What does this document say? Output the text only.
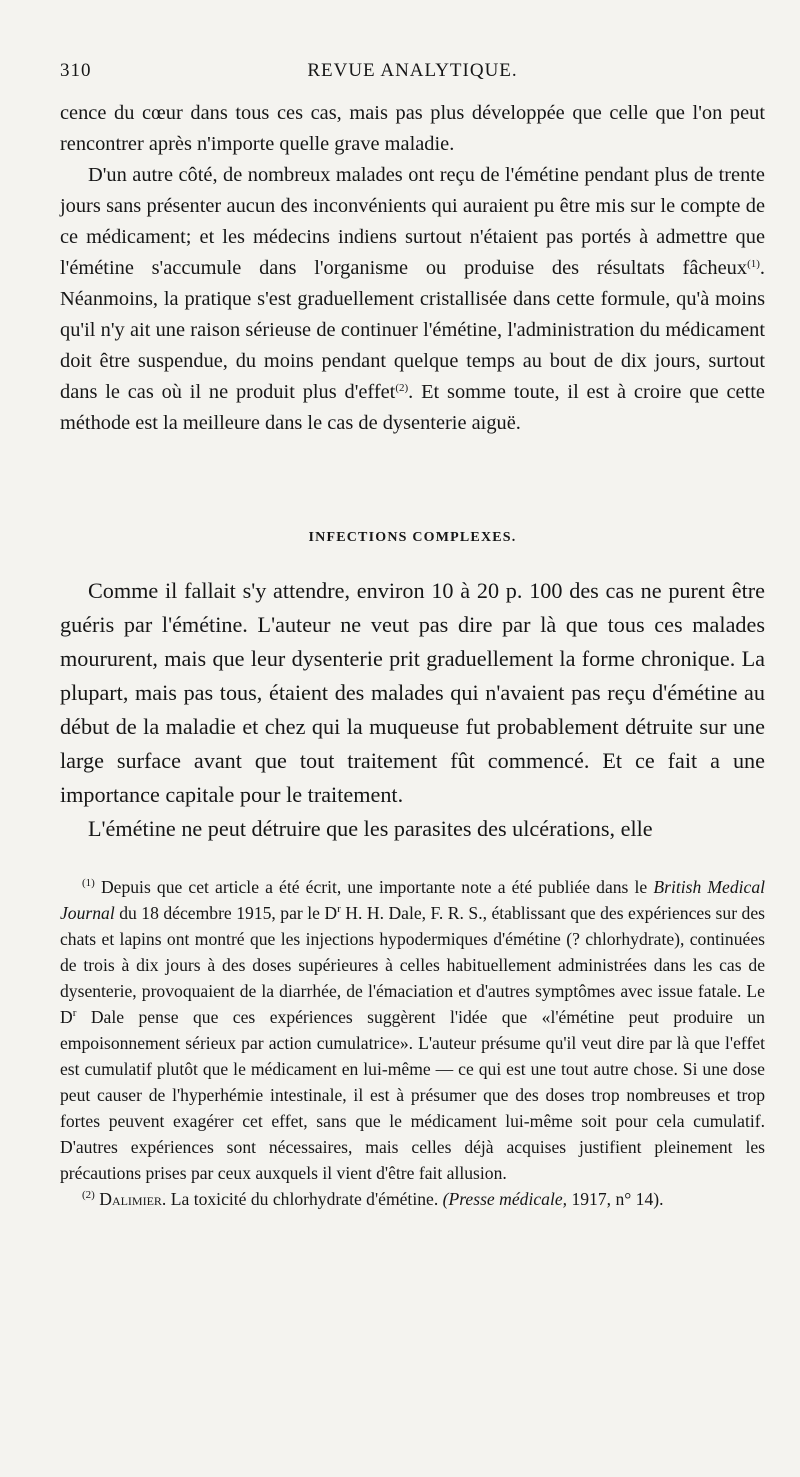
310	REVUE ANALYTIQUE.

cence du cœur dans tous ces cas, mais pas plus développée que celle que l'on peut rencontrer après n'importe quelle grave maladie.

D'un autre côté, de nombreux malades ont reçu de l'émétine pendant plus de trente jours sans présenter aucun des inconvénients qui auraient pu être mis sur le compte de ce médicament; et les médecins indiens surtout n'étaient pas portés à admettre que l'émétine s'accumule dans l'organisme ou produise des résultats fâcheux$^{(1)}$. Néanmoins, la pratique s'est graduellement cristallisée dans cette formule, qu'à moins qu'il n'y ait une raison sérieuse de continuer l'émétine, l'administration du médicament doit être suspendue, du moins pendant quelque temps au bout de dix jours, surtout dans le cas où il ne produit plus d'effet$^{(2)}$. Et somme toute, il est à croire que cette méthode est la meilleure dans le cas de dysenterie aiguë.

INFECTIONS COMPLEXES.

Comme il fallait s'y attendre, environ 10 à 20 p. 100 des cas ne purent être guéris par l'émétine. L'auteur ne veut pas dire par là que tous ces malades moururent, mais que leur dysenterie prit graduellement la forme chronique. La plupart, mais pas tous, étaient des malades qui n'avaient pas reçu d'émétine au début de la maladie et chez qui la muqueuse fut probablement détruite sur une large surface avant que tout traitement fût commencé. Et ce fait a une importance capitale pour le traitement.

L'émétine ne peut détruire que les parasites des ulcérations, elle

$^{(1)}$ Depuis que cet article a été écrit, une importante note a été publiée dans le British Medical Journal du 18 décembre 1915, par le $D^r$ H. H. Dale, F. R. S., établissant que des expériences sur des chats et lapins ont montré que les injections hypodermiques d'émétine (? chlorhydrate), continuées de trois à dix jours à des doses supérieures à celles habituellement administrées dans les cas de dysenterie, provoquaient de la diarrhée, de l'émaciation et d'autres symptômes avec issue fatale. Le $D^r$ Dale pense que ces expériences suggèrent l'idée que «l'émétine peut produire un empoisonnement sérieux par action cumulatrice». L'auteur présume qu'il veut dire par là que l'effet est cumulatif plutôt que le médicament en lui-même — ce qui est une tout autre chose. Si une dose peut causer de l'hyperhémie intestinale, il est à présumer que des doses trop nombreuses et trop fortes peuvent exagérer cet effet, sans que le médicament lui-même soit pour cela cumulatif. D'autres expériences sont nécessaires, mais celles déjà acquises justifient pleinement les précautions prises par ceux auxquels il vient d'être fait allusion.

$^{(2)}$ Dalimier. La toxicité du chlorhydrate d'émétine. (Presse médicale, 1917, n° 14).
